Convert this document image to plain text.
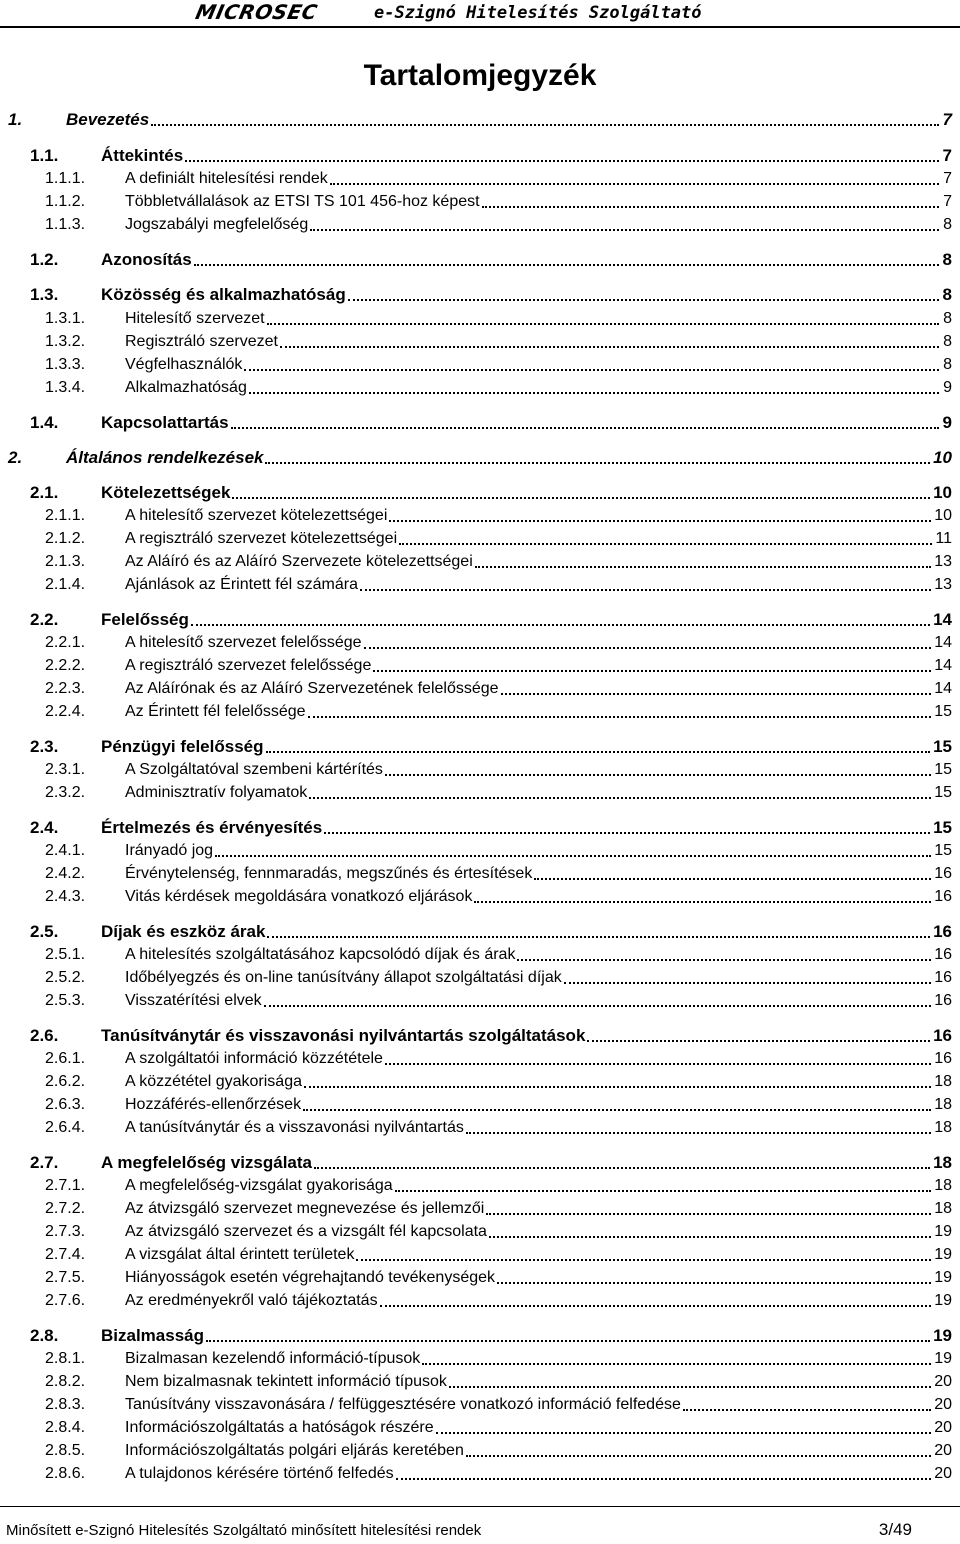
MICROSEC	e-Szignó Hitelesítés Szolgáltató
Tartalomjegyzék
1.	Bevezetés	7
1.1.	Áttekintés	7
1.1.1. A definiált hitelesítési rendek	7
1.1.2. Többletvállalások az ETSI TS 101 456-hoz képest	7
1.1.3. Jogszabályi megfelelőség	8
1.2.	Azonosítás	8
1.3.	Közösség és alkalmazhatóság	8
1.3.1. Hitelesítő szervezet	8
1.3.2. Regisztráló szervezet	8
1.3.3. Végfelhasználók	8
1.3.4. Alkalmazhatóság	9
1.4.	Kapcsolattartás	9
2.	Általános rendelkezések	10
2.1.	Kötelezettségek	10
2.1.1. A hitelesítő szervezet kötelezettségei	10
2.1.2. A regisztráló szervezet kötelezettségei	11
2.1.3. Az Aláíró és az Aláíró Szervezete kötelezettségei	13
2.1.4. Ajánlások az Érintett fél számára	13
2.2.	Felelősség	14
2.2.1. A hitelesítő szervezet felelőssége	14
2.2.2. A regisztráló szervezet felelőssége	14
2.2.3. Az Aláírónak és az Aláíró Szervezetének felelőssége	14
2.2.4. Az Érintett fél felelőssége	15
2.3.	Pénzügyi felelősség	15
2.3.1. A Szolgáltatóval szembeni kártérítés	15
2.3.2. Adminisztratív folyamatok	15
2.4.	Értelmezés és érvényesítés	15
2.4.1. Irányadó jog	15
2.4.2. Érvénytelenség, fennmaradás, megszűnés és értesítések	16
2.4.3. Vitás kérdések megoldására vonatkozó eljárások	16
2.5.	Díjak és eszköz árak	16
2.5.1. A hitelesítés szolgáltatásához kapcsolódó díjak és árak	16
2.5.2. Időbélyegzés és on-line tanúsítvány állapot szolgáltatási díjak	16
2.5.3. Visszatérítési elvek	16
2.6.	Tanúsítványtár és visszavonási nyilvántartás szolgáltatások	16
2.6.1. A szolgáltatói információ közzététele	16
2.6.2. A közzététel gyakorisága	18
2.6.3. Hozzáférés-ellenőrzések	18
2.6.4. A tanúsítványtár és a visszavonási nyilvántartás	18
2.7.	A megfelelőség vizsgálata	18
2.7.1. A megfelelőség-vizsgálat gyakorisága	18
2.7.2. Az átvizsgáló szervezet megnevezése és jellemzői	18
2.7.3. Az átvizsgáló szervezet és a vizsgált fél kapcsolata	19
2.7.4. A vizsgálat által érintett területek	19
2.7.5. Hiányosságok esetén végrehajtandó tevékenységek	19
2.7.6. Az eredményekről való tájékoztatás	19
2.8.	Bizalmasság	19
2.8.1. Bizalmasan kezelendő információ-típusok	19
2.8.2. Nem bizalmasnak tekintett információ típusok	20
2.8.3. Tanúsítvány visszavonására / felfüggesztésére vonatkozó információ felfedése	20
2.8.4. Információszolgáltatás a hatóságok részére	20
2.8.5. Információszolgáltatás polgári eljárás keretében	20
2.8.6. A tulajdonos kérésére történő felfedés	20
Minősített e-Szignó Hitelesítés Szolgáltató minősített hitelesítési rendek	3/49
